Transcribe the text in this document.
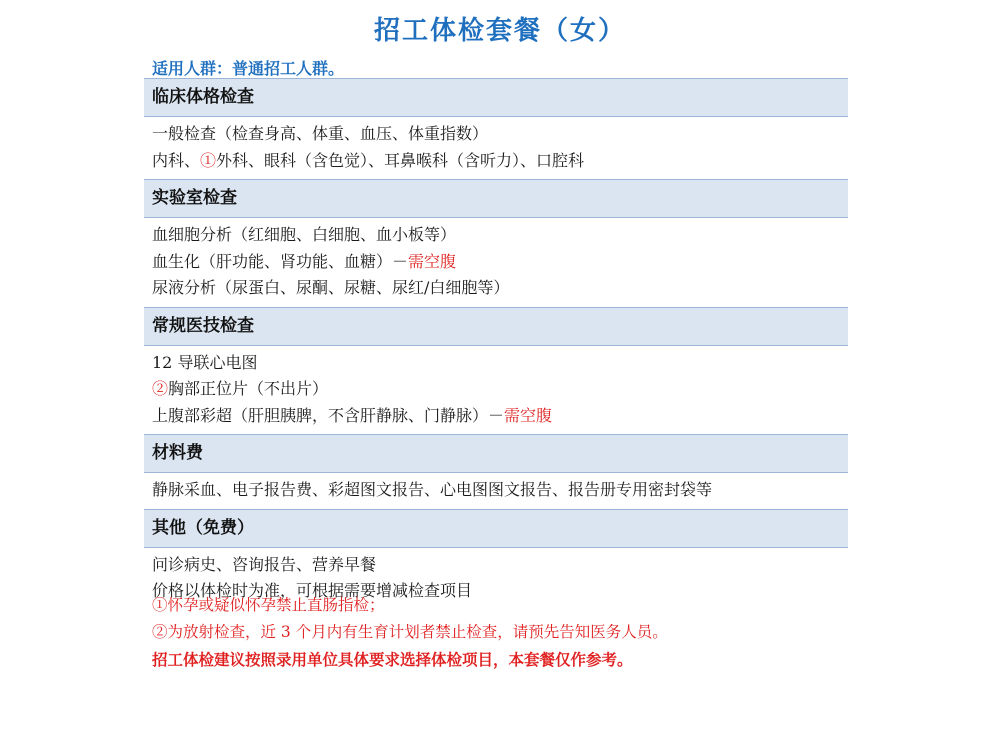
招工体检套餐（女）
适用人群：普通招工人群。
临床体格检查
一般检查（检查身高、体重、血压、体重指数）
内科、①外科、眼科（含色觉）、耳鼻喉科（含听力）、口腔科
实验室检查
血细胞分析（红细胞、白细胞、血小板等）
血生化（肝功能、肾功能、血糖）－需空腹
尿液分析（尿蛋白、尿酮、尿糖、尿红/白细胞等）
常规医技检查
12 导联心电图
②胸部正位片（不出片）
上腹部彩超（肝胆胰脾，不含肝静脉、门静脉）－需空腹
材料费
静脉采血、电子报告费、彩超图文报告、心电图图文报告、报告册专用密封袋等
其他（免费）
问诊病史、咨询报告、营养早餐
价格以体检时为准，可根据需要增减检查项目
①怀孕或疑似怀孕禁止直肠指检；
②为放射检查，近 3 个月内有生育计划者禁止检查，请预先告知医务人员。
招工体检建议按照录用单位具体要求选择体检项目，本套餐仅作参考。
